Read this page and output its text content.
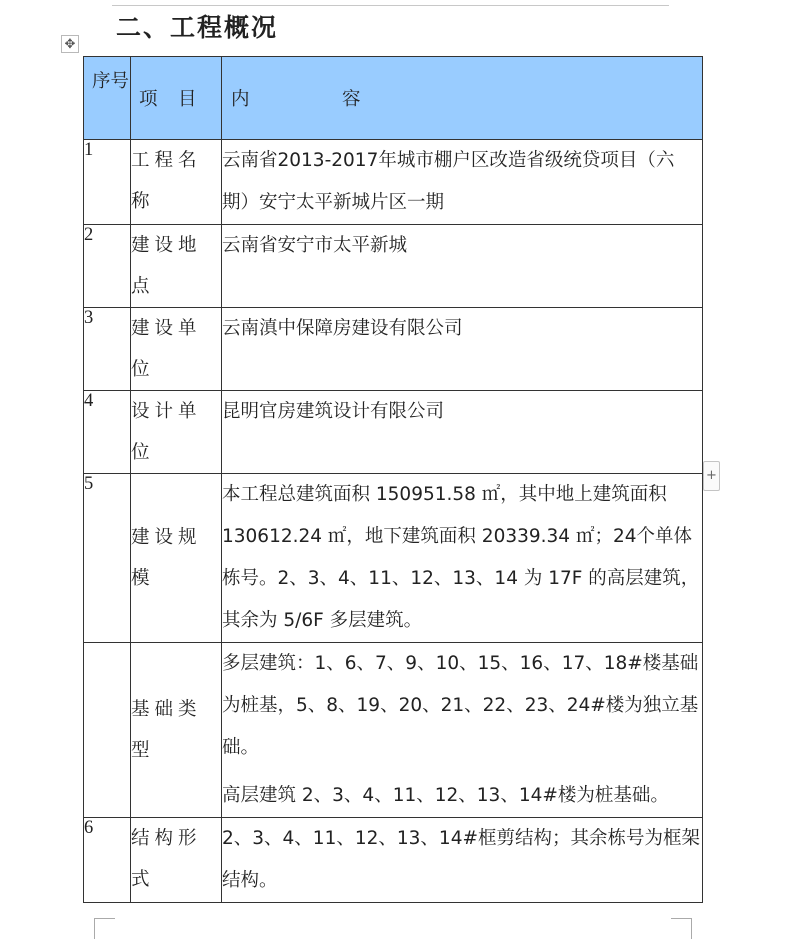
二、工程概况
✥
+
序号	项　目	内　　　　　容

1	工程名称	云南省2013-2017年城市棚户区改造省级统贷项目（六期）安宁太平新城片区一期

2	建设地点	云南省安宁市太平新城

3	建设单位	云南滇中保障房建设有限公司

4	设计单位	昆明官房建筑设计有限公司

5	建设规模	本工程总建筑面积 150951.58 ㎡，其中地上建筑面积 130612.24 ㎡，地下建筑面积 20339.34 ㎡；24个单体栋号。2、3、4、11、12、13、14 为 17F 的高层建筑，其余为 5/6F 多层建筑。

	基础类型	多层建筑：1、6、7、9、10、15、16、17、18#楼基础为桩基，5、8、19、20、21、22、23、24#楼为独立基础。

高层建筑 2、3、4、11、12、13、14#楼为桩基础。

6	结构形式	2、3、4、11、12、13、14#框剪结构；其余栋号为框架结构。
